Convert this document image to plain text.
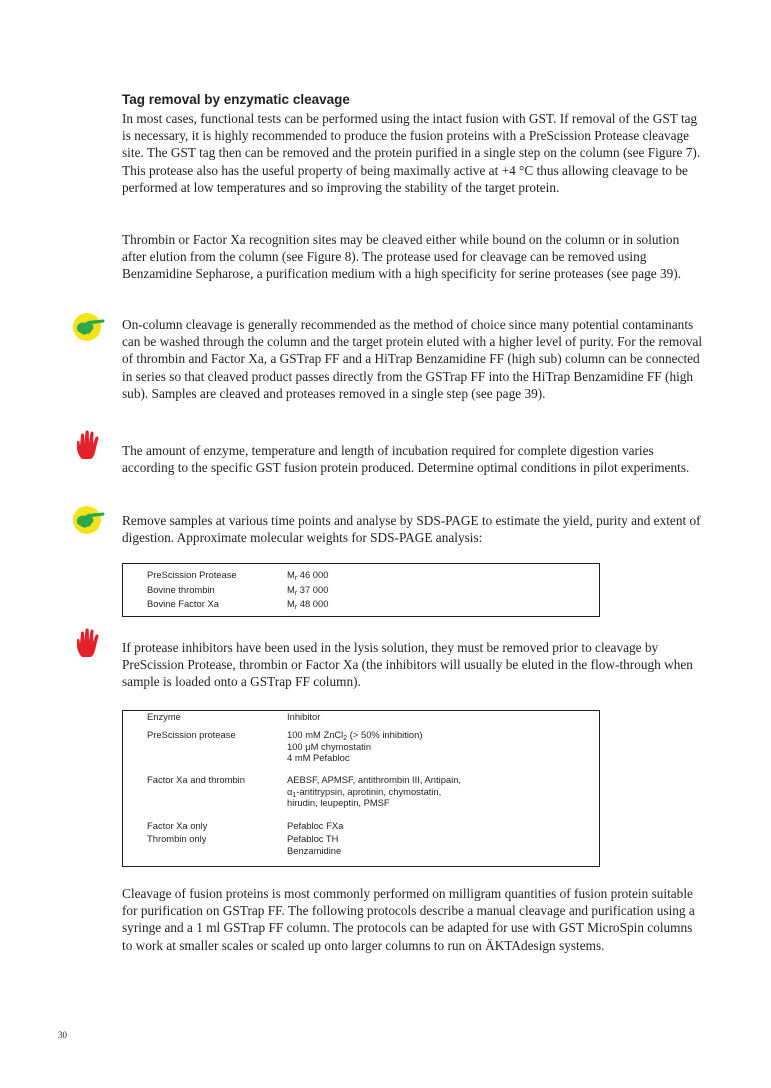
Tag removal by enzymatic cleavage

In most cases, functional tests can be performed using the intact fusion with GST. If removal of the GST tag is necessary, it is highly recommended to produce the fusion proteins with a PreScission Protease cleavage site. The GST tag then can be removed and the protein purified in a single step on the column (see Figure 7). This protease also has the useful property of being maximally active at +4 °C thus allowing cleavage to be performed at low temperatures and so improving the stability of the target protein.

Thrombin or Factor Xa recognition sites may be cleaved either while bound on the column or in solution after elution from the column (see Figure 8). The protease used for cleavage can be removed using Benzamidine Sepharose, a purification medium with a high specificity for serine proteases (see page 39).

On-column cleavage is generally recommended as the method of choice since many potential contaminants can be washed through the column and the target protein eluted with a higher level of purity. For the removal of thrombin and Factor Xa, a GSTrap FF and a HiTrap Benzamidine FF (high sub) column can be connected in series so that cleaved product passes directly from the GSTrap FF into the HiTrap Benzamidine FF (high sub). Samples are cleaved and proteases removed in a single step (see page 39).

The amount of enzyme, temperature and length of incubation required for complete digestion varies according to the specific GST fusion protein produced. Determine optimal conditions in pilot experiments.

Remove samples at various time points and analyse by SDS-PAGE to estimate the yield, purity and extent of digestion. Approximate molecular weights for SDS-PAGE analysis:

PreScission Protease	$M_r$ 46 000
Bovine thrombin	$M_r$ 37 000
Bovine Factor Xa	$M_r$ 48 000

If protease inhibitors have been used in the lysis solution, they must be removed prior to cleavage by PreScission Protease, thrombin or Factor Xa (the inhibitors will usually be eluted in the flow-through when sample is loaded onto a GSTrap FF column).

Enzyme	Inhibitor
PreScission protease	100 mM ZnCl$_2$ (> 50% inhibition)
100 μM chymostatin
4 mM Pefabloc

Factor Xa and thrombin	AEBSF, APMSF, antithrombin III, Antipain,
$\alpha_1$-antitrypsin, aprotinin, chymostatin,
hirudin, leupeptin, PMSF

Factor Xa only	Pefabloc FXa

Thrombin only	Pefabloc TH
Benzamidine

Cleavage of fusion proteins is most commonly performed on milligram quantities of fusion protein suitable for purification on GSTrap FF. The following protocols describe a manual cleavage and purification using a syringe and a 1 ml GSTrap FF column. The protocols can be adapted for use with GST MicroSpin columns to work at smaller scales or scaled up onto larger columns to run on ÄKTAdesign systems.

30
